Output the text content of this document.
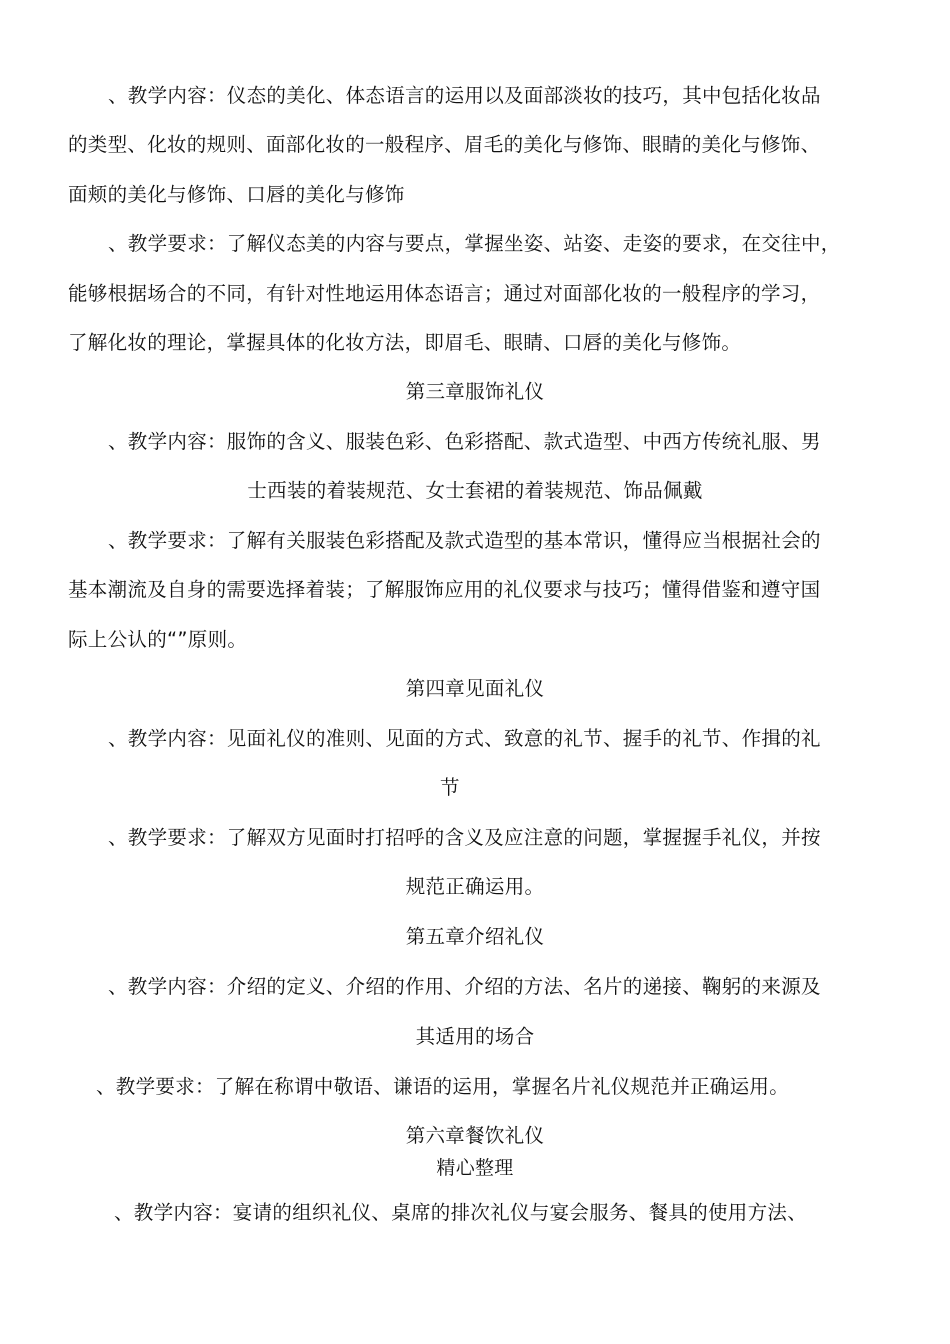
、教学内容：仪态的美化、体态语言的运用以及面部淡妆的技巧，其中包括化妆品
的类型、化妆的规则、面部化妆的一般程序、眉毛的美化与修饰、眼睛的美化与修饰、
面颊的美化与修饰、口唇的美化与修饰
、教学要求：了解仪态美的内容与要点，掌握坐姿、站姿、走姿的要求，在交往中，
能够根据场合的不同，有针对性地运用体态语言；通过对面部化妆的一般程序的学习，
了解化妆的理论，掌握具体的化妆方法，即眉毛、眼睛、口唇的美化与修饰。
第三章服饰礼仪
、教学内容：服饰的含义、服装色彩、色彩搭配、款式造型、中西方传统礼服、男
士西装的着装规范、女士套裙的着装规范、饰品佩戴
、教学要求：了解有关服装色彩搭配及款式造型的基本常识，懂得应当根据社会的
基本潮流及自身的需要选择着装；了解服饰应用的礼仪要求与技巧；懂得借鉴和遵守国
际上公认的“”原则。
第四章见面礼仪
、教学内容：见面礼仪的准则、见面的方式、致意的礼节、握手的礼节、作揖的礼
节
、教学要求：了解双方见面时打招呼的含义及应注意的问题，掌握握手礼仪，并按
规范正确运用。
第五章介绍礼仪
、教学内容：介绍的定义、介绍的作用、介绍的方法、名片的递接、鞠躬的来源及
其适用的场合
、教学要求：了解在称谓中敬语、谦语的运用，掌握名片礼仪规范并正确运用。
第六章餐饮礼仪
精心整理
、教学内容：宴请的组织礼仪、桌席的排次礼仪与宴会服务、餐具的使用方法、
